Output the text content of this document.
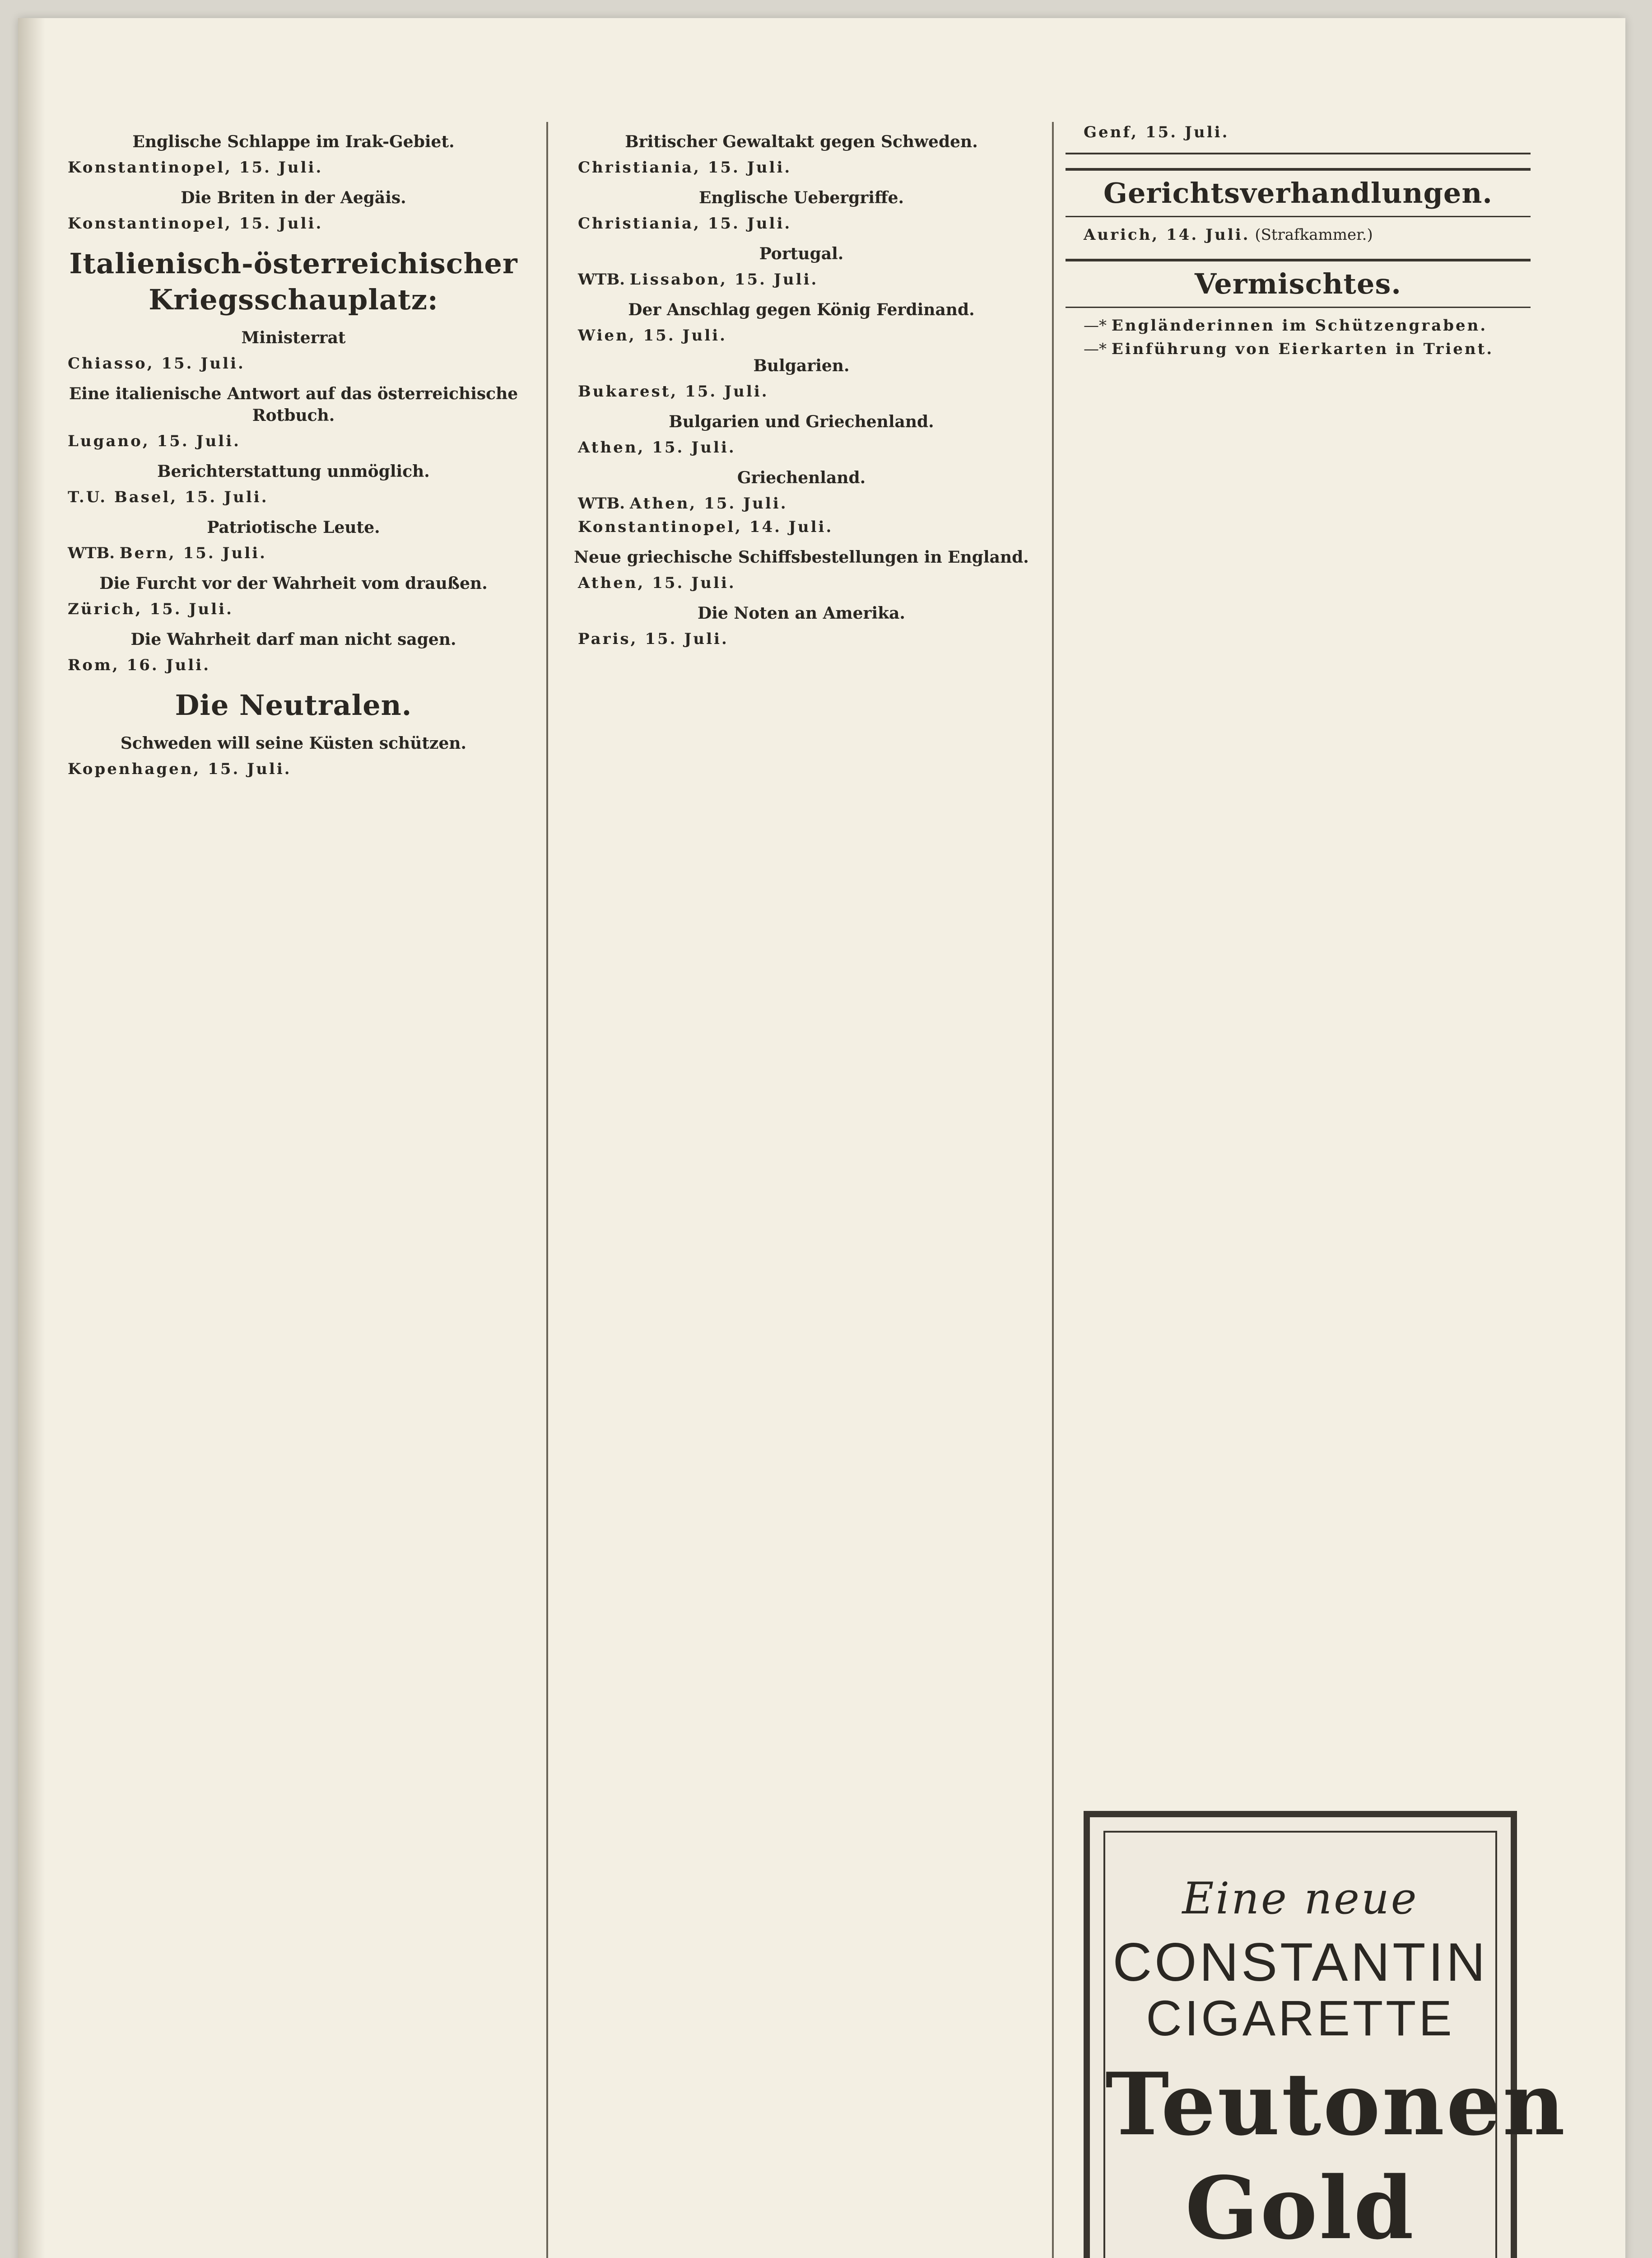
Englische Schlappe im Irak-Gebiet.

Konstantinopel, 15. Juli.

Die Briten in der Aegäis.

Konstantinopel, 15. Juli.

Italienisch-österreichischer Kriegsschauplatz:
Ministerrat

Chiasso, 15. Juli.

Eine italienische Antwort auf das österreichische Rotbuch.

Lugano, 15. Juli.

Berichterstattung unmöglich.

T.U. Basel, 15. Juli.

Patriotische Leute.

WTB. Bern, 15. Juli.

Die Furcht vor der Wahrheit vom draußen.

Zürich, 15. Juli.

Die Wahrheit darf man nicht sagen.

Rom, 16. Juli.

Die Neutralen.
Schweden will seine Küsten schützen.

Kopenhagen, 15. Juli.

Britischer Gewaltakt gegen Schweden.

Christiania, 15. Juli.

Englische Uebergriffe.

Christiania, 15. Juli.

Portugal.

WTB. Lissabon, 15. Juli.

Der Anschlag gegen König Ferdinand.

Wien, 15. Juli.

Bulgarien.

Bukarest, 15. Juli.

Bulgarien und Griechenland.

Athen, 15. Juli.

Griechenland.

WTB. Athen, 15. Juli.

Konstantinopel, 14. Juli.

Neue griechische Schiffsbestellungen in England.

Athen, 15. Juli.

Die Noten an Amerika.

Paris, 15. Juli.

Genf, 15. Juli.

Gerichtsverhandlungen.

Aurich, 14. Juli. (Strafkammer.)

Vermischtes.

—* Engländerinnen im Schützengraben.

—* Einführung von Eierkarten in Trient.

Eine neue
CONSTANTIN
CIGARETTE
Teutonen
Gold
